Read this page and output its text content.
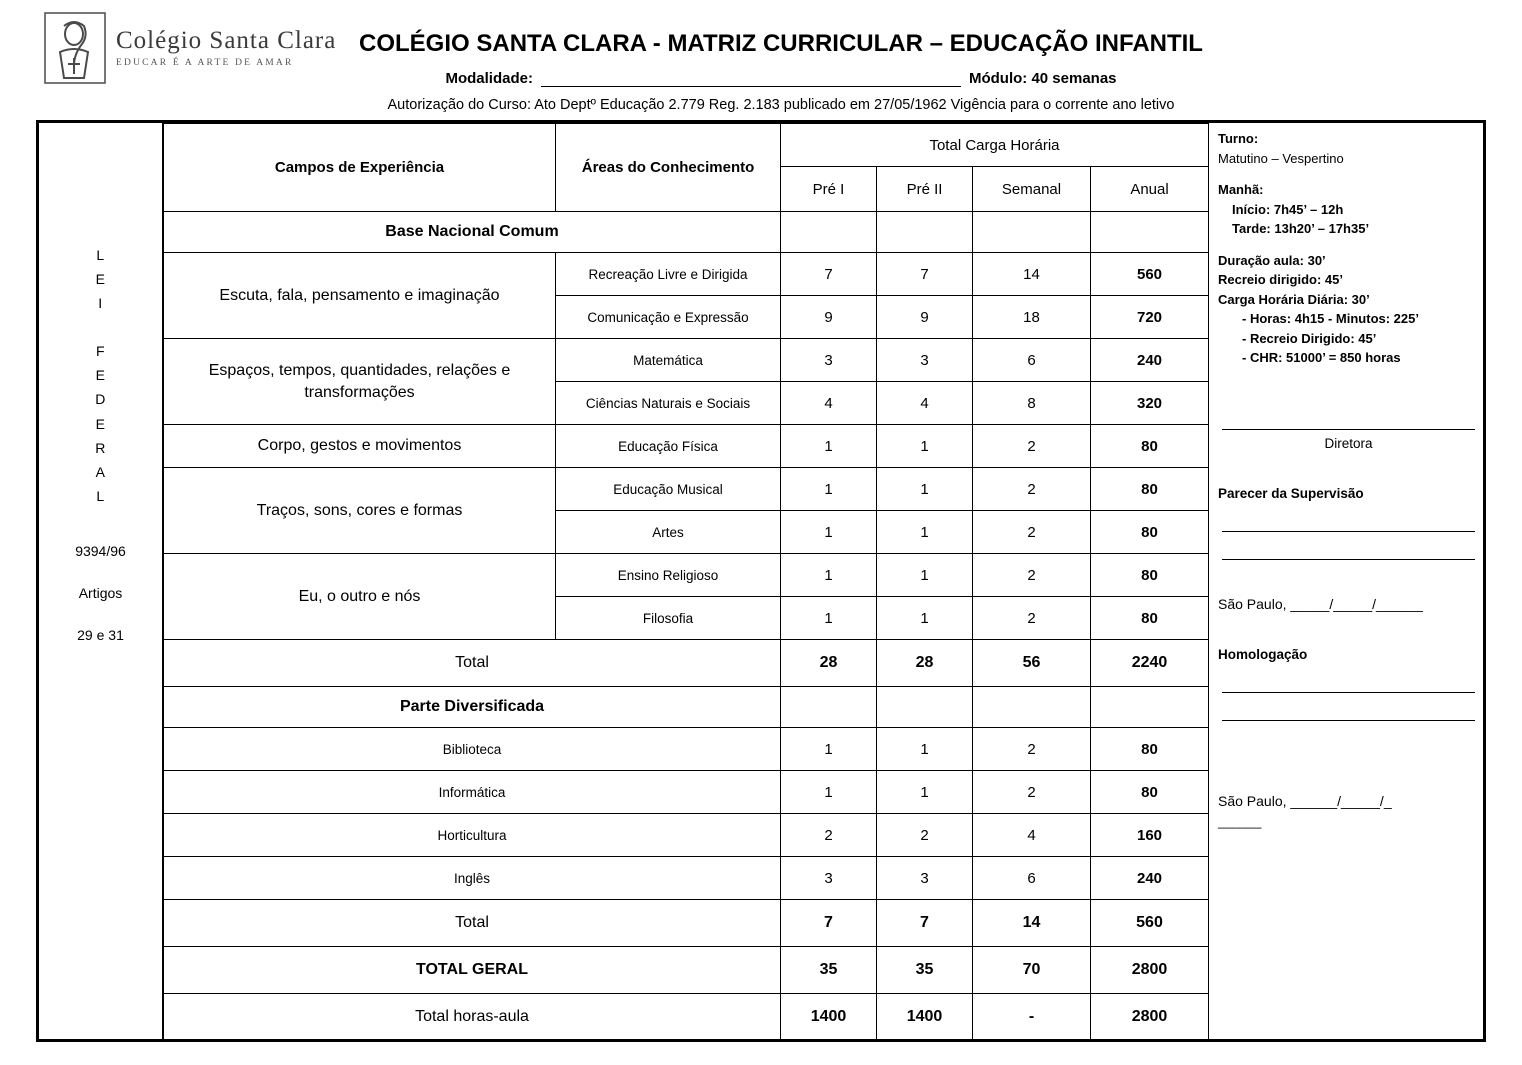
Colégio Santa Clara
EDUCAR É A ARTE DE AMAR
COLÉGIO SANTA CLARA - MATRIZ CURRICULAR – EDUCAÇÃO INFANTIL
Modalidade:	Módulo: 40 semanas
Autorização do Curso: Ato Deptº Educação 2.779 Reg. 2.183 publicado em 27/05/1962 Vigência para o corrente ano letivo
L
E
I

F
E
D
E
R
A
L
9394/96
Artigos
29 e 31
Campos de Experiência	Áreas do Conhecimento	Total Carga Horária			
		Pré I	Pré II	Semanal	Anual
Base Nacional Comum					
Escuta, fala, pensamento e imaginação	Recreação Livre e Dirigida	7	7	14	560
	Comunicação e Expressão	9	9	18	720
Espaços, tempos, quantidades, relações e transformações	Matemática	3	3	6	240
	Ciências Naturais e Sociais	4	4	8	320
Corpo, gestos e movimentos	Educação Física	1	1	2	80
Traços, sons, cores e formas	Educação Musical	1	1	2	80
	Artes	1	1	2	80
Eu, o outro e nós	Ensino Religioso	1	1	2	80
	Filosofia	1	1	2	80
Total		28	28	56	2240
Parte Diversificada					
Biblioteca		1	1	2	80
Informática		1	1	2	80
Horticultura		2	2	4	160
Inglês		3	3	6	240
Total		7	7	14	560
TOTAL GERAL		35	35	70	2800
Total horas-aula		1400	1400	-	2800
Turno:
Matutino – Vespertino
Manhã:
Início: 7h45’ – 12h
Tarde: 13h20’ – 17h35’
Duração aula: 30’
Recreio dirigido: 45’
Carga Horária Diária: 30’
- Horas: 4h15 - Minutos: 225’
- Recreio Dirigido: 45’
- CHR: 51000’ = 850 horas
Diretora
Parecer da Supervisão
São Paulo, _____/_____/______
Homologação
São Paulo, ______/_____/_
______
